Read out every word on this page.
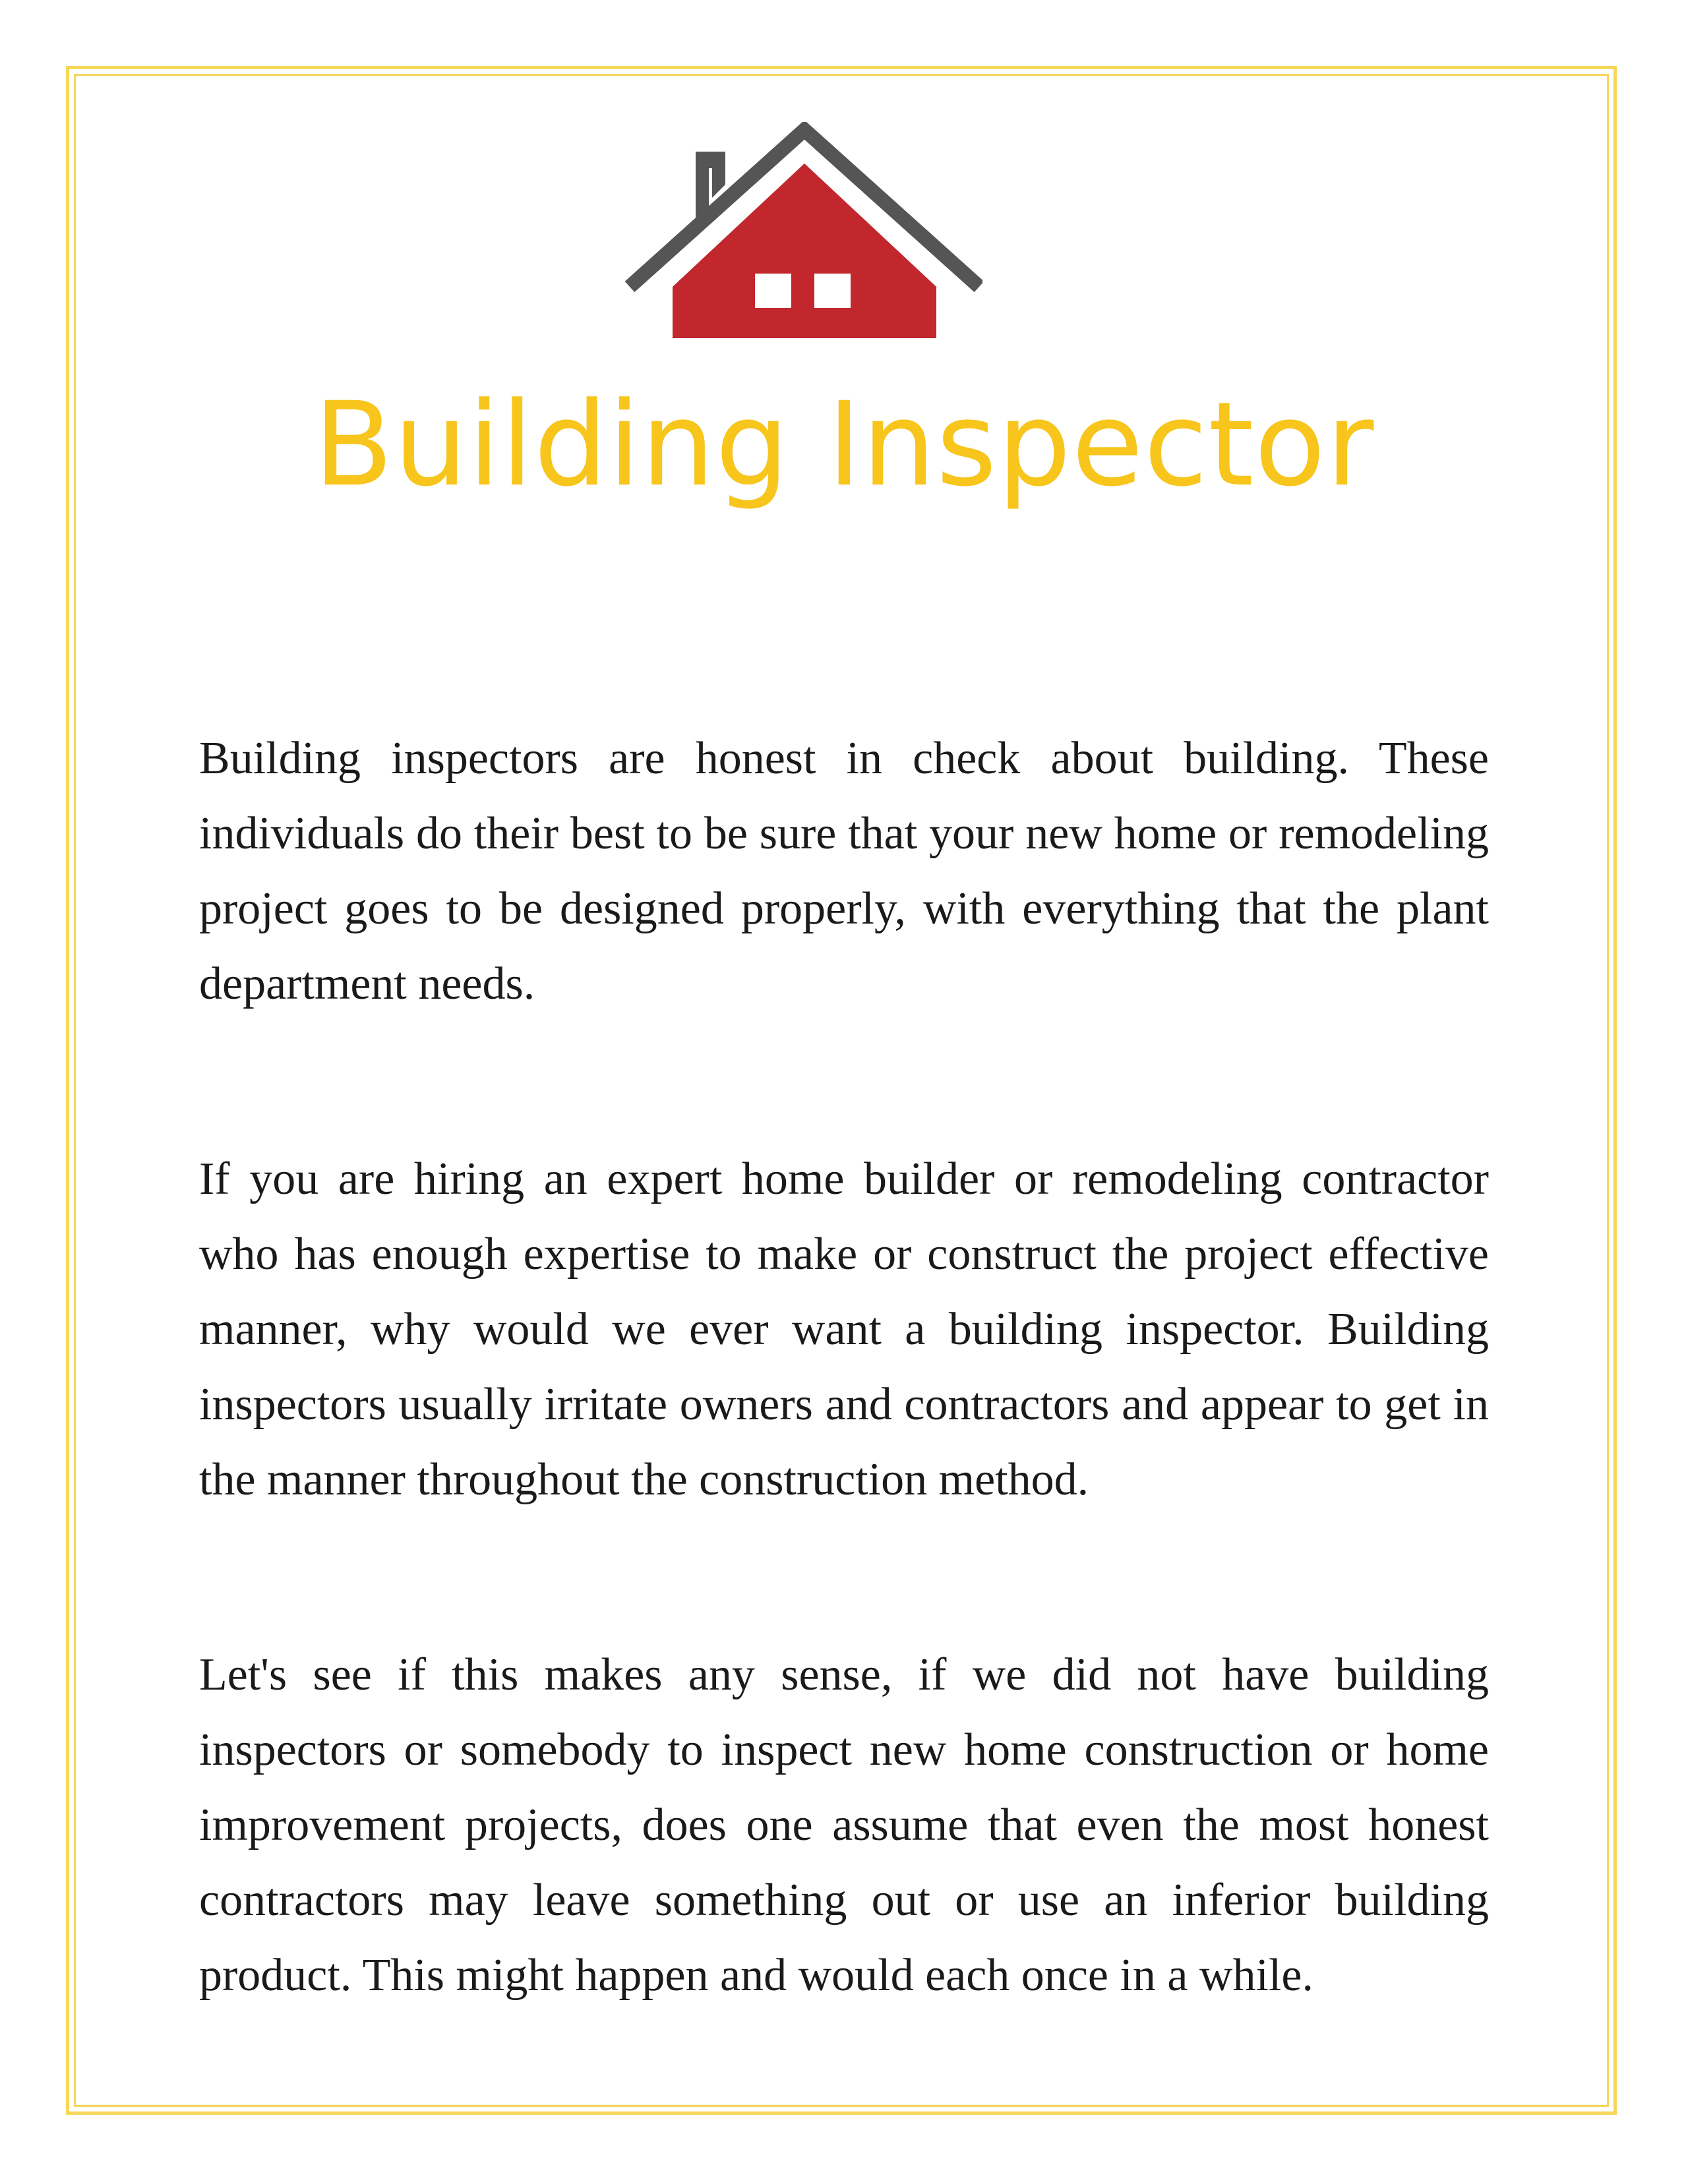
Building Inspector

Building inspectors are honest in check about building. These individuals do their best to be sure that your new home or remodeling project goes to be designed properly, with everything that the plant department needs.

If you are hiring an expert home builder or remodeling contractor who has enough expertise to make or construct the project effective manner, why would we ever want a building inspector. Building inspectors usually irritate owners and contractors and appear to get in the manner throughout the construction method.

Let's see if this makes any sense, if we did not have building inspectors or somebody to inspect new home construction or home improvement projects, does one assume that even the most honest contractors may leave something out or use an inferior building product. This might happen and would each once in a while.
